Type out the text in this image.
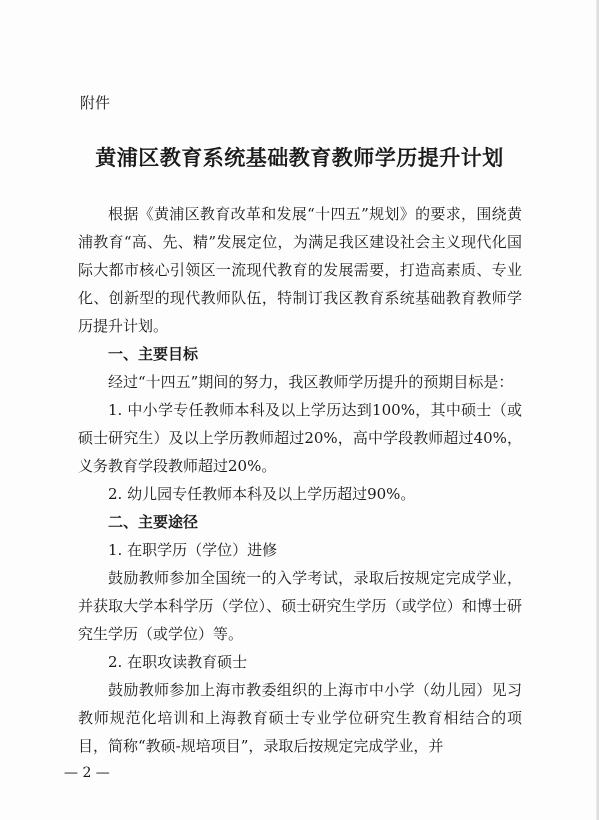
附件

黄浦区教育系统基础教育教师学历提升计划

根据《黄浦区教育改革和发展“十四五”规划》的要求，围绕黄浦教育“高、先、精”发展定位，为满足我区建设社会主义现代化国际大都市核心引领区一流现代教育的发展需要，打造高素质、专业化、创新型的现代教师队伍，特制订我区教育系统基础教育教师学历提升计划。

一、主要目标

经过“十四五”期间的努力，我区教师学历提升的预期目标是：

1. 中小学专任教师本科及以上学历达到100%，其中硕士（或硕士研究生）及以上学历教师超过20%，高中学段教师超过40%，义务教育学段教师超过20%。

2. 幼儿园专任教师本科及以上学历超过90%。

二、主要途径

1. 在职学历（学位）进修

鼓励教师参加全国统一的入学考试，录取后按规定完成学业，并获取大学本科学历（学位）、硕士研究生学历（或学位）和博士研究生学历（或学位）等。

2. 在职攻读教育硕士

鼓励教师参加上海市教委组织的上海市中小学（幼儿园）见习教师规范化培训和上海教育硕士专业学位研究生教育相结合的项目，简称“教硕-规培项目”，录取后按规定完成学业，并

— 2 —
